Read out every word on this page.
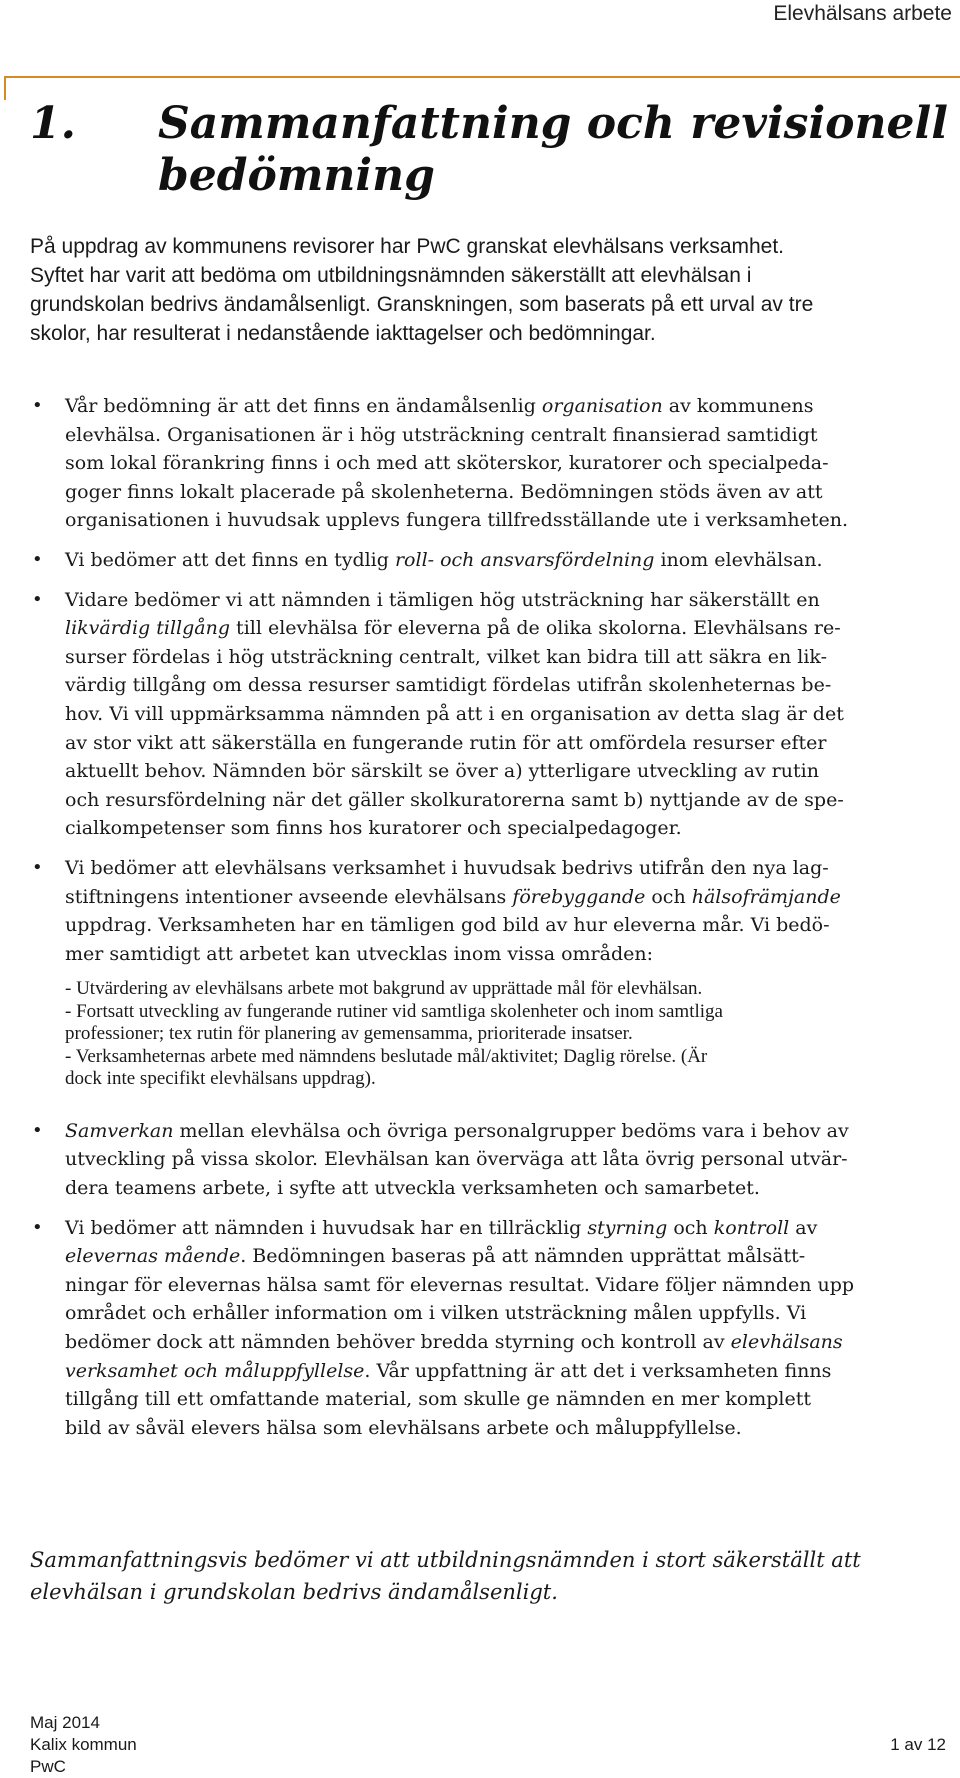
Elevhälsans arbete
1. Sammanfattning och revisionell
bedömning
På uppdrag av kommunens revisorer har PwC granskat elevhälsans verksamhet.
Syftet har varit att bedöma om utbildningsnämnden säkerställt att elevhälsan i
grundskolan bedrivs ändamålsenligt. Granskningen, som baserats på ett urval av tre
skolor, har resulterat i nedanstående iakttagelser och bedömningar.
• Vår bedömning är att det finns en ändamålsenlig organisation av kommunens
elevhälsa. Organisationen är i hög utsträckning centralt finansierad samtidigt
som lokal förankring finns i och med att sköterskor, kuratorer och specialpeda-
goger finns lokalt placerade på skolenheterna. Bedömningen stöds även av att
organisationen i huvudsak upplevs fungera tillfredsställande ute i verksamheten.
• Vi bedömer att det finns en tydlig roll- och ansvarsfördelning inom elevhälsan.
• Vidare bedömer vi att nämnden i tämligen hög utsträckning har säkerställt en
likvärdig tillgång till elevhälsa för eleverna på de olika skolorna. Elevhälsans re-
surser fördelas i hög utsträckning centralt, vilket kan bidra till att säkra en lik-
värdig tillgång om dessa resurser samtidigt fördelas utifrån skolenheternas be-
hov. Vi vill uppmärksamma nämnden på att i en organisation av detta slag är det
av stor vikt att säkerställa en fungerande rutin för att omfördela resurser efter
aktuellt behov. Nämnden bör särskilt se över a) ytterligare utveckling av rutin
och resursfördelning när det gäller skolkuratorerna samt b) nyttjande av de spe-
cialkompetenser som finns hos kuratorer och specialpedagoger.
• Vi bedömer att elevhälsans verksamhet i huvudsak bedrivs utifrån den nya lag-
stiftningens intentioner avseende elevhälsans förebyggande och hälsofrämjande
uppdrag. Verksamheten har en tämligen god bild av hur eleverna mår. Vi bedö-
mer samtidigt att arbetet kan utvecklas inom vissa områden:
- Utvärdering av elevhälsans arbete mot bakgrund av upprättade mål för elevhälsan.
- Fortsatt utveckling av fungerande rutiner vid samtliga skolenheter och inom samtliga
professioner; tex rutin för planering av gemensamma, prioriterade insatser.
- Verksamheternas arbete med nämndens beslutade mål/aktivitet; Daglig rörelse. (Är
dock inte specifikt elevhälsans uppdrag).
• Samverkan mellan elevhälsa och övriga personalgrupper bedöms vara i behov av
utveckling på vissa skolor. Elevhälsan kan överväga att låta övrig personal utvär-
dera teamens arbete, i syfte att utveckla verksamheten och samarbetet.
• Vi bedömer att nämnden i huvudsak har en tillräcklig styrning och kontroll av
elevernas mående. Bedömningen baseras på att nämnden upprättat målsätt-
ningar för elevernas hälsa samt för elevernas resultat. Vidare följer nämnden upp
området och erhåller information om i vilken utsträckning målen uppfylls. Vi
bedömer dock att nämnden behöver bredda styrning och kontroll av elevhälsans
verksamhet och måluppfyllelse. Vår uppfattning är att det i verksamheten finns
tillgång till ett omfattande material, som skulle ge nämnden en mer komplett
bild av såväl elevers hälsa som elevhälsans arbete och måluppfyllelse.
Sammanfattningsvis bedömer vi att utbildningsnämnden i stort säkerställt att
elevhälsan i grundskolan bedrivs ändamålsenligt.
Maj 2014
Kalix kommun
PwC
1 av 12
